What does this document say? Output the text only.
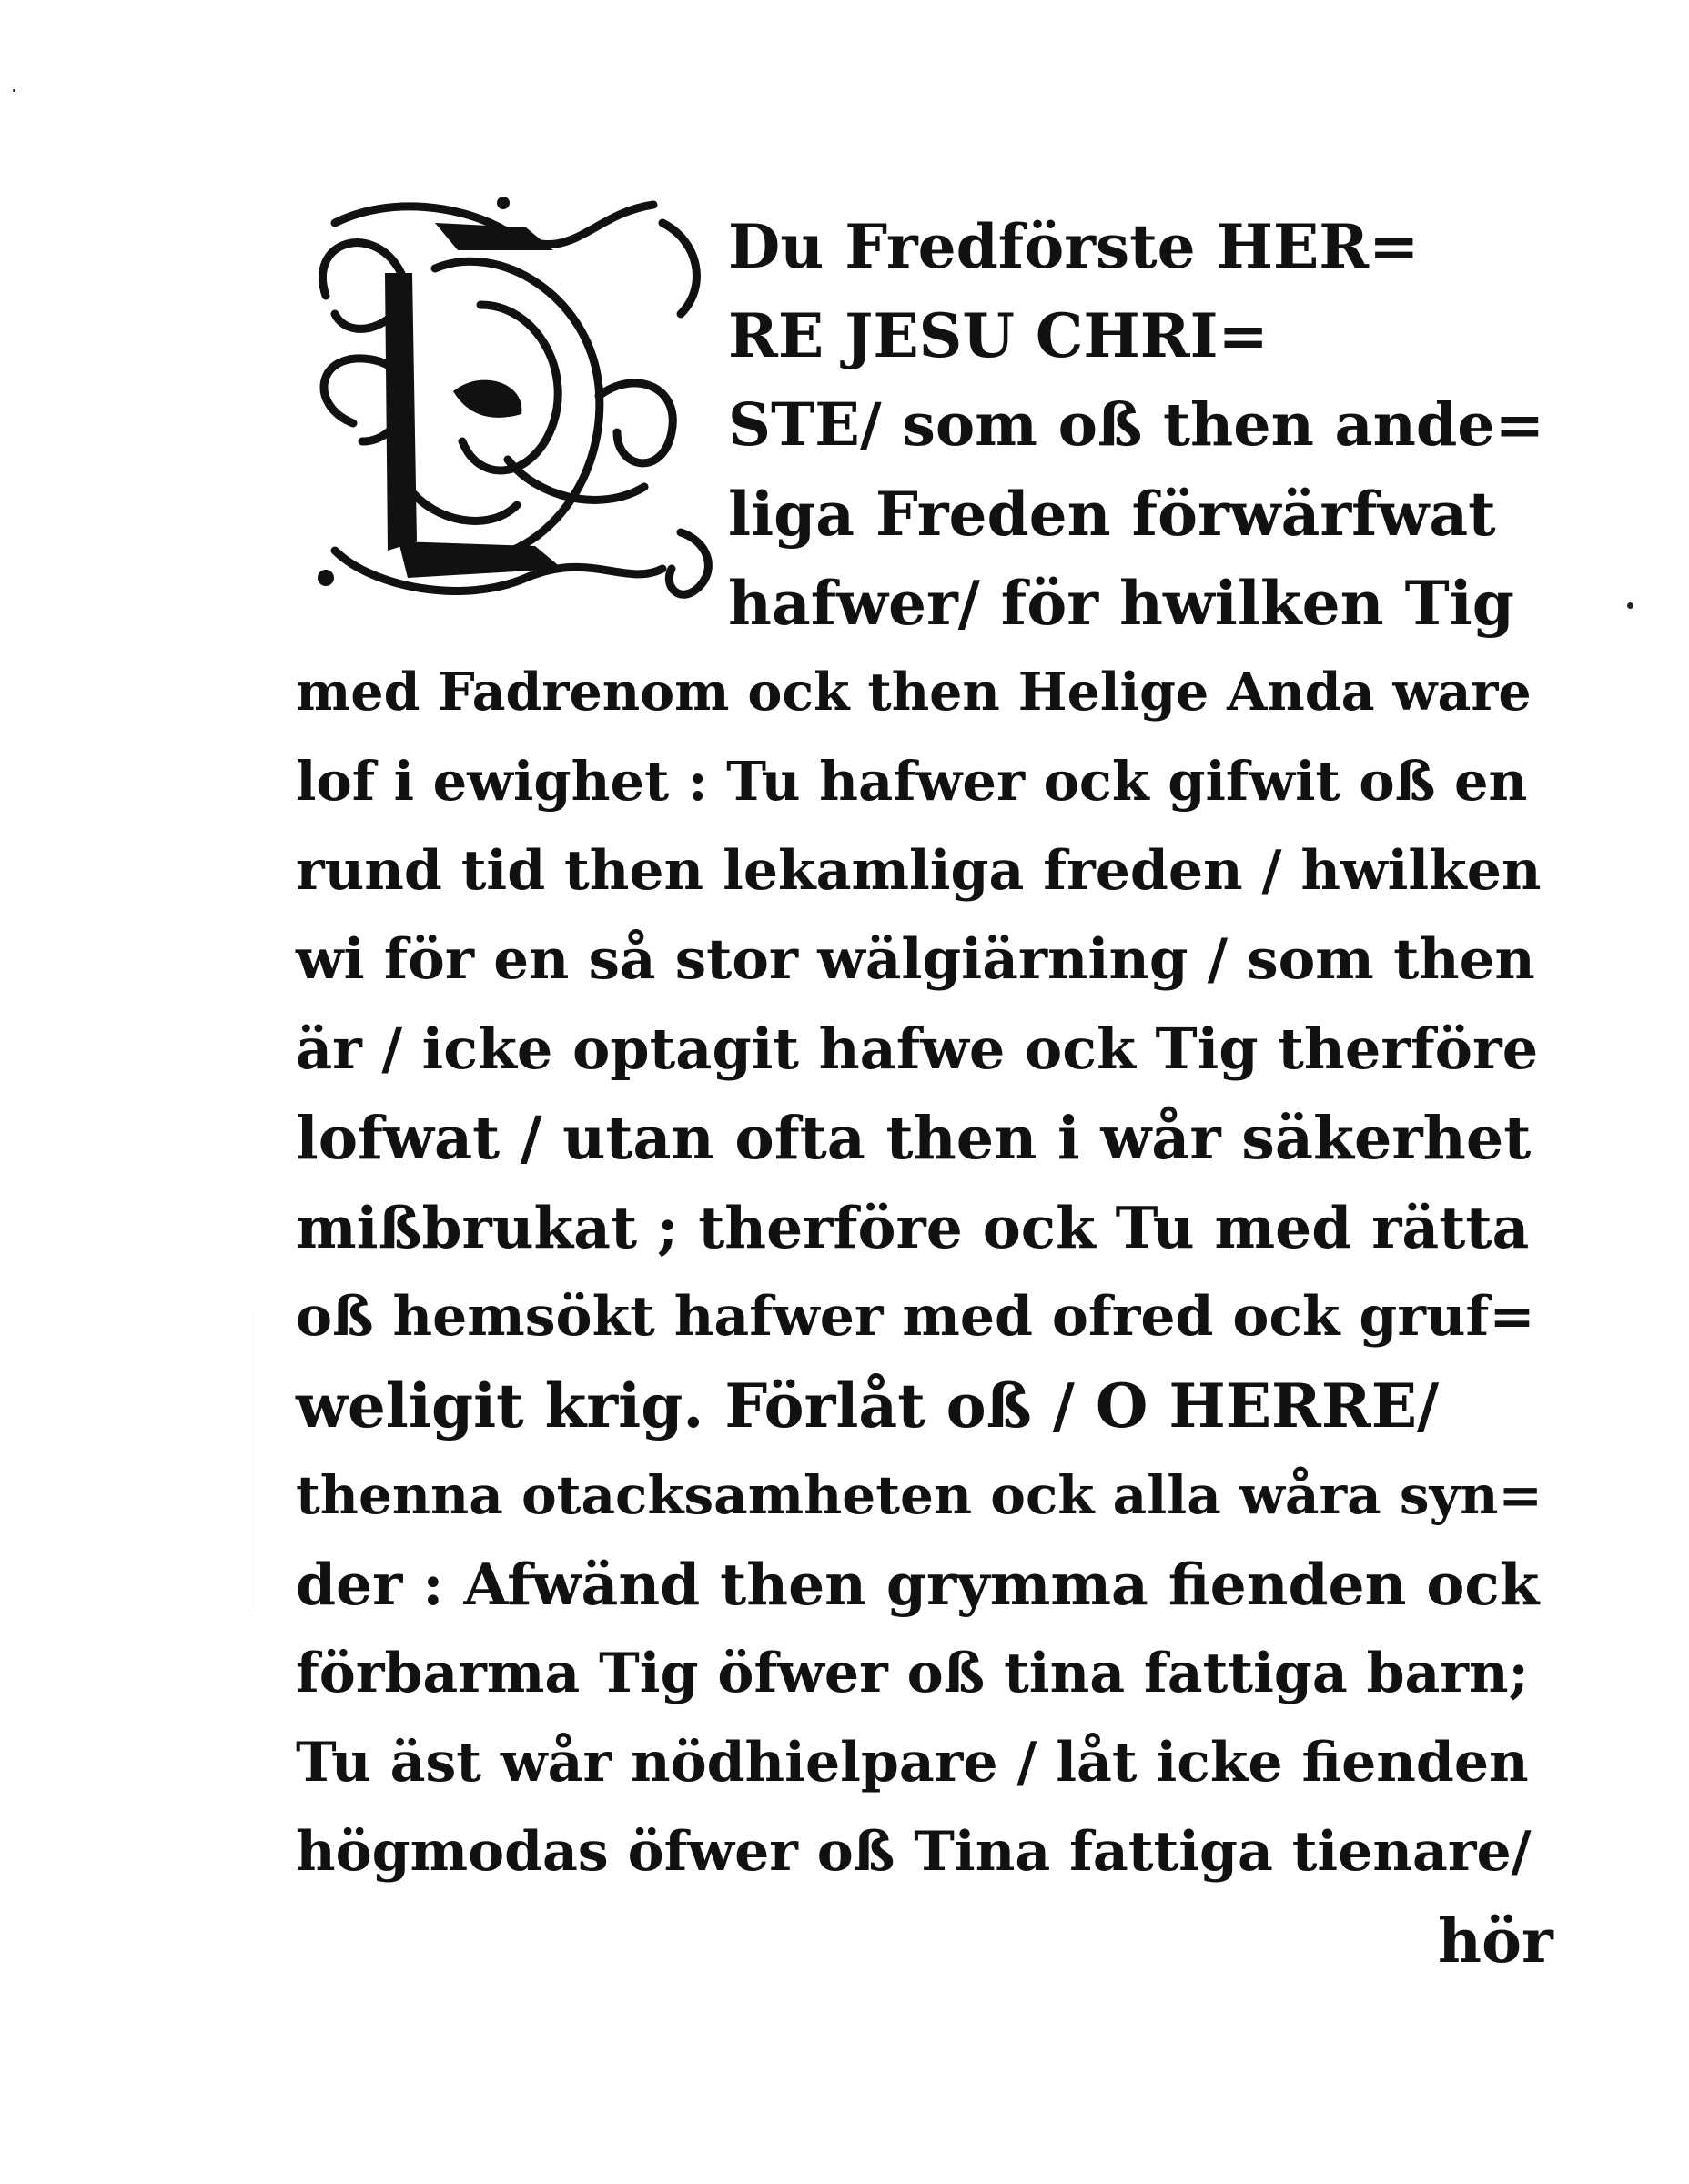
Du Fredförste HER=
RE JESU CHRI=
STE/ som oß then ande=
liga Freden förwärfwat
hafwer/ för hwilken Tig
med Fadrenom ock then Helige Anda ware
lof i ewighet : Tu hafwer ock gifwit oß en
rund tid then lekamliga freden / hwilken
wi för en så stor wälgiärning / som then
är / icke optagit hafwe ock Tig therföre
lofwat / utan ofta then i wår säkerhet
mißbrukat ; therföre ock Tu med rätta
oß hemsökt hafwer med ofred ock gruf=
weligit krig. Förlåt oß / O HERRE/
thenna otacksamheten ock alla wåra syn=
der : Afwänd then grymma fienden ock
förbarma Tig öfwer oß tina fattiga barn;
Tu äst wår nödhielpare / låt icke fienden
högmodas öfwer oß Tina fattiga tienare/
hör
